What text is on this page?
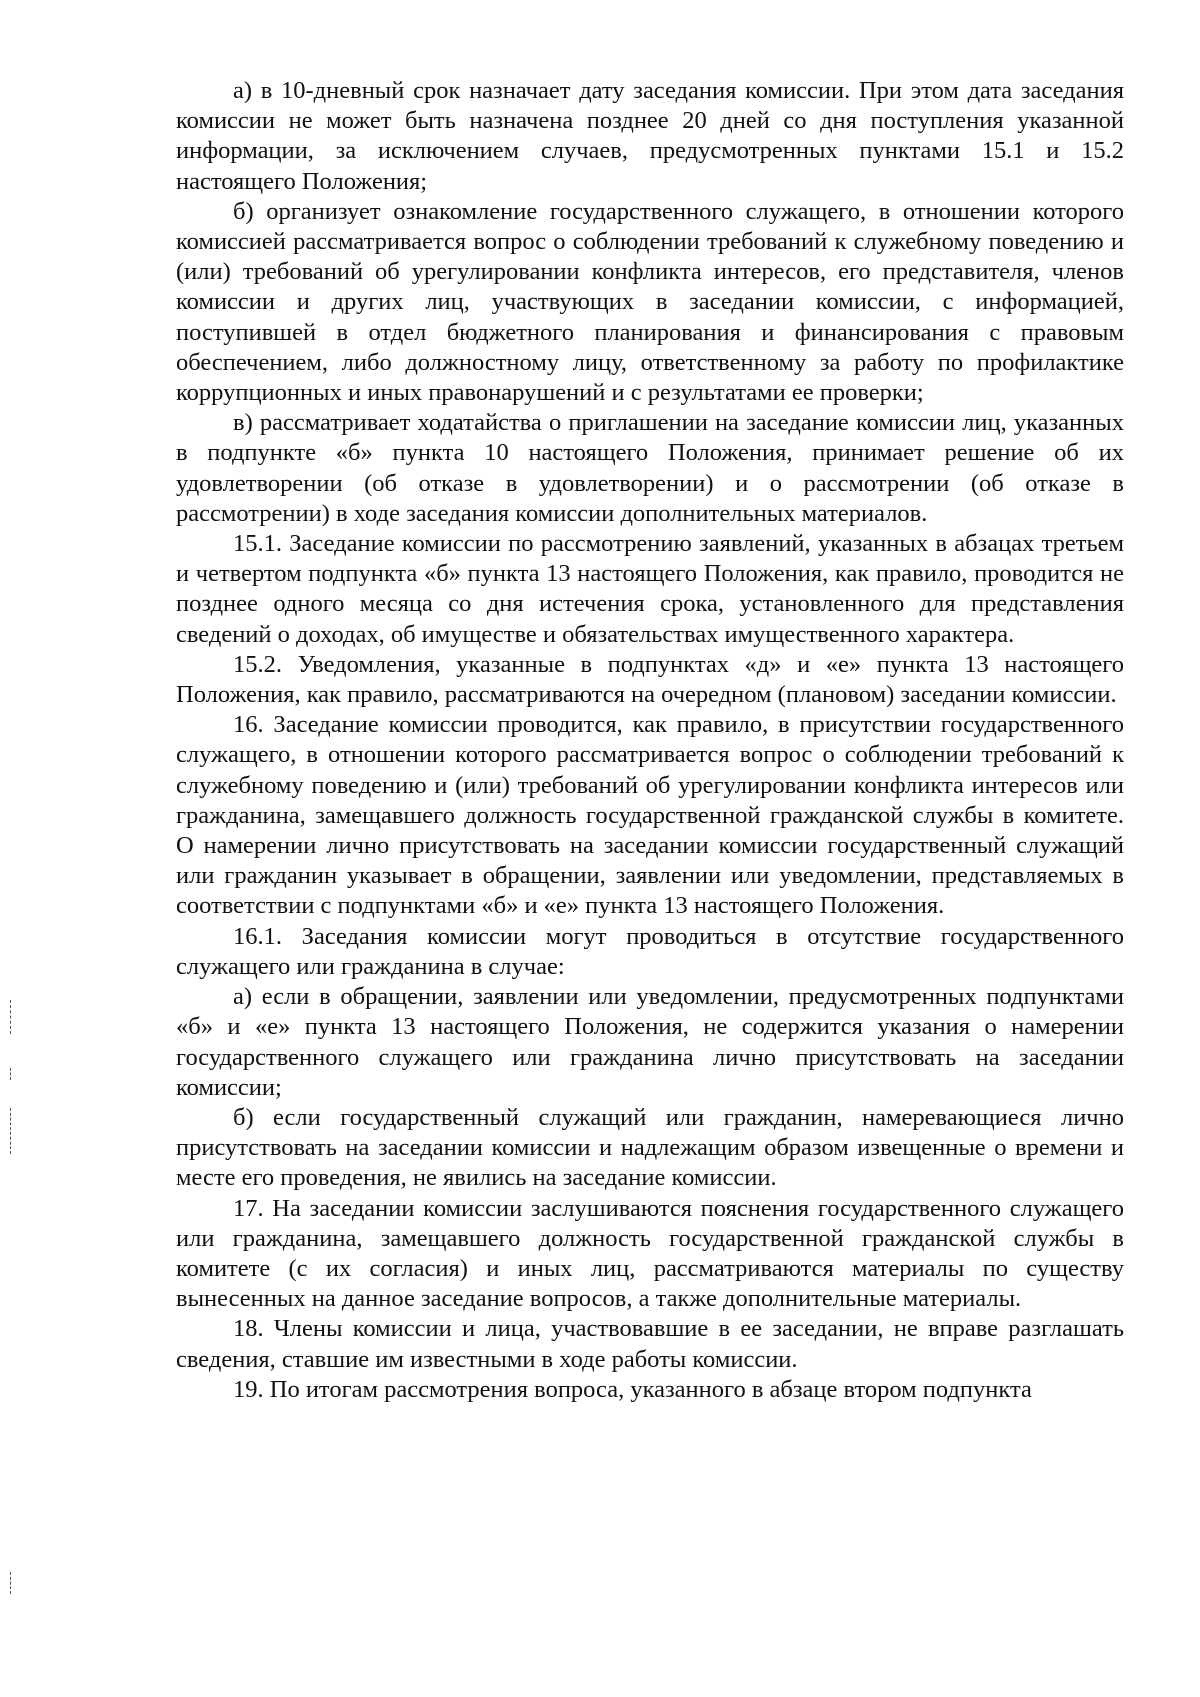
а) в 10-дневный срок назначает дату заседания комиссии. При этом дата заседания комиссии не может быть назначена позднее 20 дней со дня поступления указанной информации, за исключением случаев, предусмотренных пунктами 15.1 и 15.2 настоящего Положения;

б) организует ознакомление государственного служащего, в отношении которого комиссией рассматривается вопрос о соблюдении требований к служебному поведению и (или) требований об урегулировании конфликта интересов, его представителя, членов комиссии и других лиц, участвующих в заседании комиссии, с информацией, поступившей в отдел бюджетного планирования и финансирования с правовым обеспечением, либо должностному лицу, ответственному за работу по профилактике коррупционных и иных правонарушений и с результатами ее проверки;

в) рассматривает ходатайства о приглашении на заседание комиссии лиц, указанных в подпункте «б» пункта 10 настоящего Положения, принимает решение об их удовлетворении (об отказе в удовлетворении) и о рассмотрении (об отказе в рассмотрении) в ходе заседания комиссии дополнительных материалов.

15.1. Заседание комиссии по рассмотрению заявлений, указанных в абзацах третьем и четвертом подпункта «б» пункта 13 настоящего Положения, как правило, проводится не позднее одного месяца со дня истечения срока, установленного для представления сведений о доходах, об имуществе и обязательствах имущественного характера.

15.2. Уведомления, указанные в подпунктах «д» и «е» пункта 13 настоящего Положения, как правило, рассматриваются на очередном (плановом) заседании комиссии.

16. Заседание комиссии проводится, как правило, в присутствии государственного служащего, в отношении которого рассматривается вопрос о соблюдении требований к служебному поведению и (или) требований об урегулировании конфликта интересов или гражданина, замещавшего должность государственной гражданской службы в комитете. О намерении лично присутствовать на заседании комиссии государственный служащий или гражданин указывает в обращении, заявлении или уведомлении, представляемых в соответствии с подпунктами «б» и «е» пункта 13 настоящего Положения.

16.1. Заседания комиссии могут проводиться в отсутствие государственного служащего или гражданина в случае:

а) если в обращении, заявлении или уведомлении, предусмотренных подпунктами «б» и «е» пункта 13 настоящего Положения, не содержится указания о намерении государственного служащего или гражданина лично присутствовать на заседании комиссии;

б) если государственный служащий или гражданин, намеревающиеся лично присутствовать на заседании комиссии и надлежащим образом извещенные о времени и месте его проведения, не явились на заседание комиссии.

17. На заседании комиссии заслушиваются пояснения государственного служащего или гражданина, замещавшего должность государственной гражданской службы в комитете (с их согласия) и иных лиц, рассматриваются материалы по существу вынесенных на данное заседание вопросов, а также дополнительные материалы.

18. Члены комиссии и лица, участвовавшие в ее заседании, не вправе разглашать сведения, ставшие им известными в ходе работы комиссии.

19. По итогам рассмотрения вопроса, указанного в абзаце втором подпункта
